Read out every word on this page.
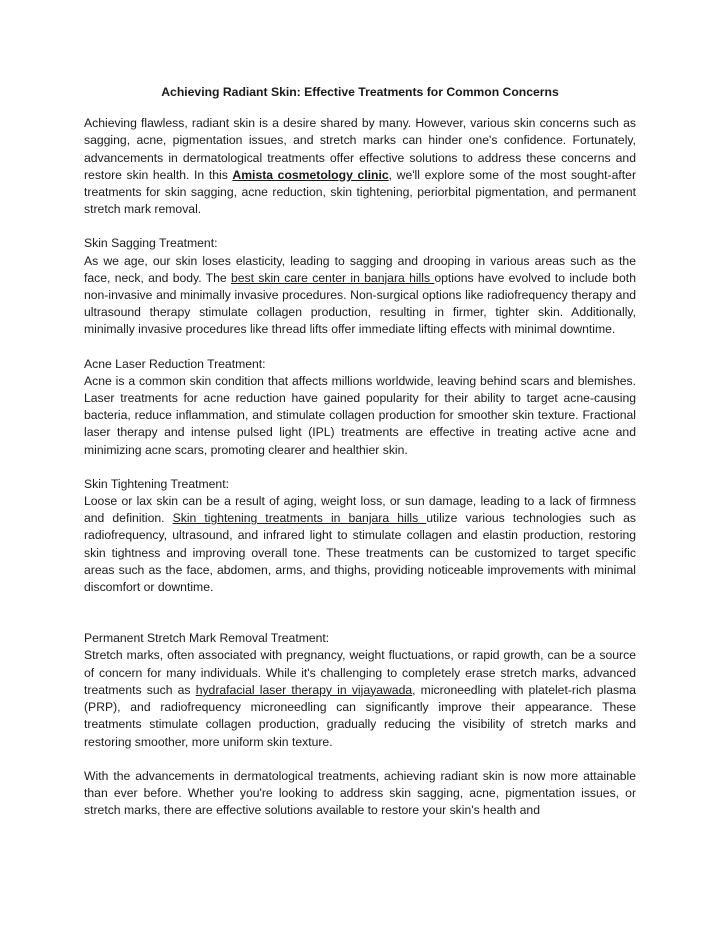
Achieving Radiant Skin: Effective Treatments for Common Concerns

Achieving flawless, radiant skin is a desire shared by many. However, various skin concerns such as sagging, acne, pigmentation issues, and stretch marks can hinder one's confidence. Fortunately, advancements in dermatological treatments offer effective solutions to address these concerns and restore skin health. In this Amista cosmetology clinic, we'll explore some of the most sought-after treatments for skin sagging, acne reduction, skin tightening, periorbital pigmentation, and permanent stretch mark removal.

Skin Sagging Treatment:

As we age, our skin loses elasticity, leading to sagging and drooping in various areas such as the face, neck, and body. The best skin care center in banjara hills options have evolved to include both non-invasive and minimally invasive procedures. Non-surgical options like radiofrequency therapy and ultrasound therapy stimulate collagen production, resulting in firmer, tighter skin. Additionally, minimally invasive procedures like thread lifts offer immediate lifting effects with minimal downtime.

Acne Laser Reduction Treatment:

Acne is a common skin condition that affects millions worldwide, leaving behind scars and blemishes. Laser treatments for acne reduction have gained popularity for their ability to target acne-causing bacteria, reduce inflammation, and stimulate collagen production for smoother skin texture. Fractional laser therapy and intense pulsed light (IPL) treatments are effective in treating active acne and minimizing acne scars, promoting clearer and healthier skin.

Skin Tightening Treatment:

Loose or lax skin can be a result of aging, weight loss, or sun damage, leading to a lack of firmness and definition. Skin tightening treatments in banjara hills utilize various technologies such as radiofrequency, ultrasound, and infrared light to stimulate collagen and elastin production, restoring skin tightness and improving overall tone. These treatments can be customized to target specific areas such as the face, abdomen, arms, and thighs, providing noticeable improvements with minimal discomfort or downtime.

Permanent Stretch Mark Removal Treatment:

Stretch marks, often associated with pregnancy, weight fluctuations, or rapid growth, can be a source of concern for many individuals. While it's challenging to completely erase stretch marks, advanced treatments such as hydrafacial laser therapy in vijayawada, microneedling with platelet-rich plasma (PRP), and radiofrequency microneedling can significantly improve their appearance. These treatments stimulate collagen production, gradually reducing the visibility of stretch marks and restoring smoother, more uniform skin texture.

With the advancements in dermatological treatments, achieving radiant skin is now more attainable than ever before. Whether you're looking to address skin sagging, acne, pigmentation issues, or stretch marks, there are effective solutions available to restore your skin's health and
